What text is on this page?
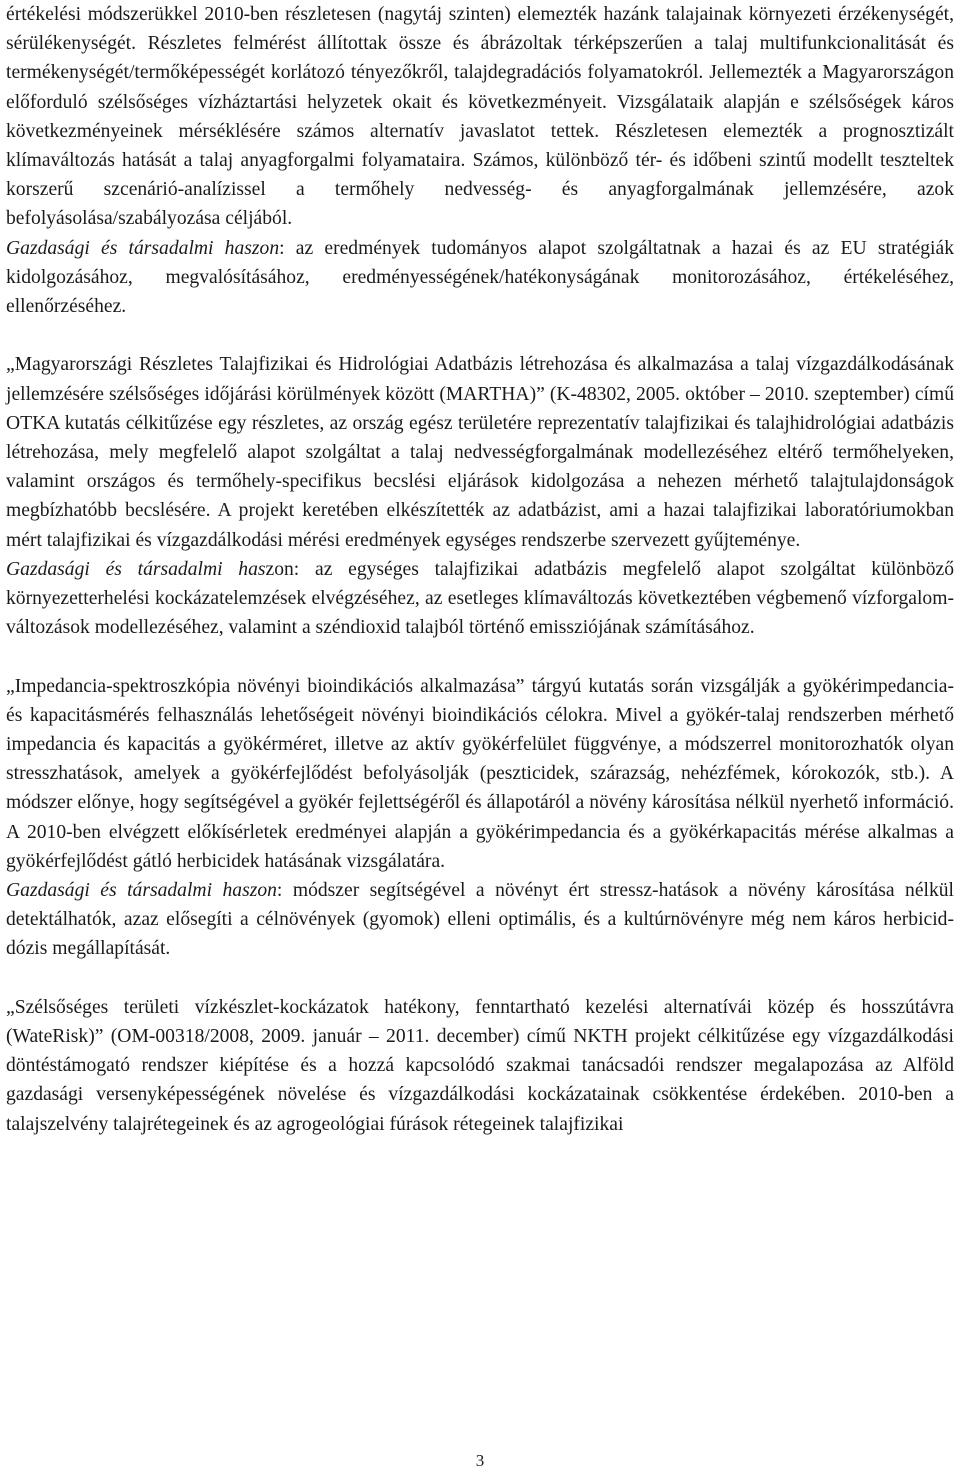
értékelési módszerükkel 2010-ben részletesen (nagytáj szinten) elemezték hazánk talajainak környezeti érzékenységét, sérülékenységét. Részletes felmérést állítottak össze és ábrázoltak térképszerűen a talaj multifunkcionalitását és termékenységét/termőképességét korlátozó tényezőkről, talajdegradációs folyamatokról. Jellemezték a Magyarországon előforduló szélsőséges vízháztartási helyzetek okait és következményeit. Vizsgálataik alapján e szélsőségek káros következményeinek mérséklésére számos alternatív javaslatot tettek. Részletesen elemezték a prognosztizált klímaváltozás hatását a talaj anyagforgalmi folyamataira. Számos, különböző tér- és időbeni szintű modellt teszteltek korszerű szcenárió-analízissel a termőhely nedvesség- és anyagforgalmának jellemzésére, azok befolyásolása/szabályozása céljából.

Gazdasági és társadalmi haszon: az eredmények tudományos alapot szolgáltatnak a hazai és az EU stratégiák kidolgozásához, megvalósításához, eredményességének/hatékonyságának monitorozásához, értékeléséhez, ellenőrzéséhez.

„Magyarországi Részletes Talajfizikai és Hidrológiai Adatbázis létrehozása és alkalmazása a talaj vízgazdálkodásának jellemzésére szélsőséges időjárási körülmények között (MARTHA)” (K-48302, 2005. október – 2010. szeptember) című OTKA kutatás célkitűzése egy részletes, az ország egész területére reprezentatív talajfizikai és talajhidrológiai adatbázis létrehozása, mely megfelelő alapot szolgáltat a talaj nedvességforgalmának modellezéséhez eltérő termőhelyeken, valamint országos és termőhely-specifikus becslési eljárások kidolgozása a nehezen mérhető talajtulajdonságok megbízhatóbb becslésére. A projekt keretében elkészítették az adatbázist, ami a hazai talajfizikai laboratóriumokban mért talajfizikai és vízgazdálkodási mérési eredmények egységes rendszerbe szervezett gyűjteménye.

Gazdasági és társadalmi haszon: az egységes talajfizikai adatbázis megfelelő alapot szolgáltat különböző környezetterhelési kockázatelemzések elvégzéséhez, az esetleges klímaváltozás következtében végbemenő vízforgalom-változások modellezéséhez, valamint a széndioxid talajból történő emissziójának számításához.

„Impedancia-spektroszkópia növényi bioindikációs alkalmazása” tárgyú kutatás során vizsgálják a gyökérimpedancia- és kapacitásmérés felhasználás lehetőségeit növényi bioindikációs célokra. Mivel a gyökér-talaj rendszerben mérhető impedancia és kapacitás a gyökérméret, illetve az aktív gyökérfelület függvénye, a módszerrel monitorozhatók olyan stresszhatások, amelyek a gyökérfejlődést befolyásolják (peszticidek, szárazság, nehézfémek, kórokozók, stb.). A módszer előnye, hogy segítségével a gyökér fejlettségéről és állapotáról a növény károsítása nélkül nyerhető információ. A 2010-ben elvégzett előkísérletek eredményei alapján a gyökérimpedancia és a gyökérkapacitás mérése alkalmas a gyökérfejlődést gátló herbicidek hatásának vizsgálatára.

Gazdasági és társadalmi haszon: módszer segítségével a növényt ért stressz-hatások a növény károsítása nélkül detektálhatók, azaz elősegíti a célnövények (gyomok) elleni optimális, és a kultúrnövényre még nem káros herbicid-dózis megállapítását.

„Szélsőséges területi vízkészlet-kockázatok hatékony, fenntartható kezelési alternatívái közép és hosszútávra (WateRisk)” (OM-00318/2008, 2009. január – 2011. december) című NKTH projekt célkitűzése egy vízgazdálkodási döntéstámogató rendszer kiépítése és a hozzá kapcsolódó szakmai tanácsadói rendszer megalapozása az Alföld gazdasági versenyképességének növelése és vízgazdálkodási kockázatainak csökkentése érdekében. 2010-ben a talajszelvény talajrétegeinek és az agrogeológiai fúrások rétegeinek talajfizikai

3
